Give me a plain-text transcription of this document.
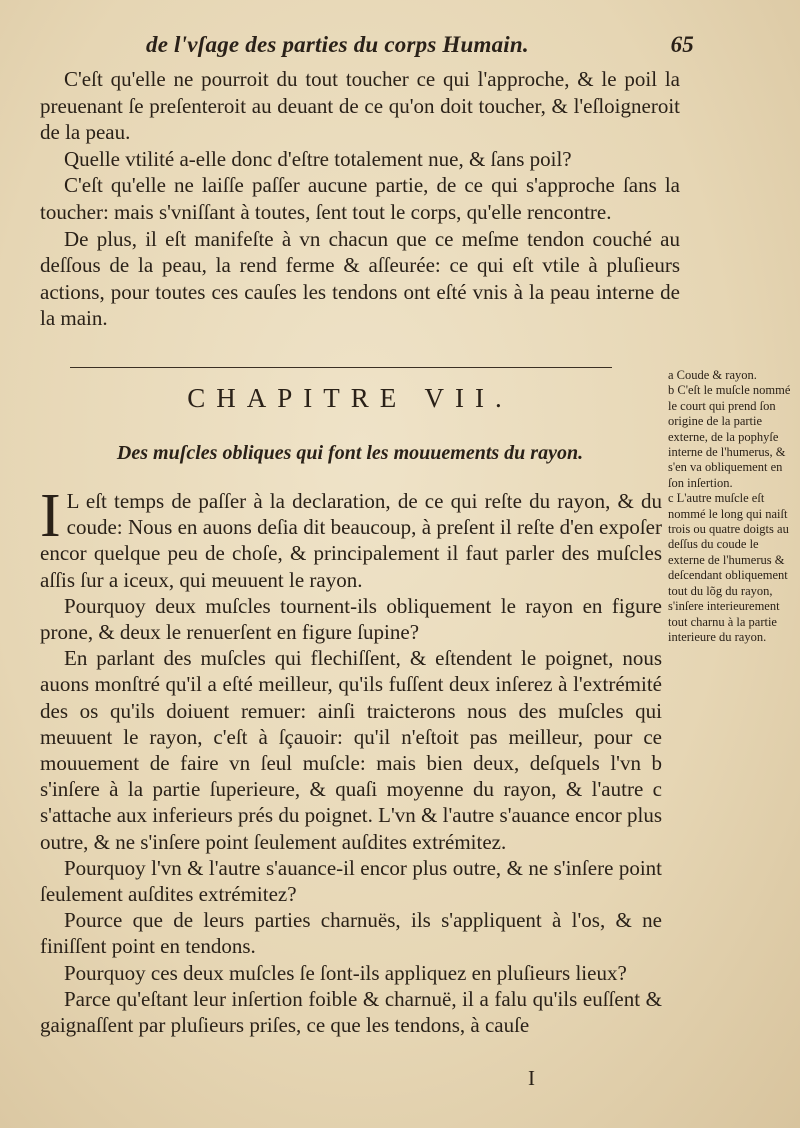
de l'vſage des parties du corps Humain.	65

C'eſt qu'elle ne pourroit du tout toucher ce qui l'approche, & le poil la preuenant ſe preſenteroit au deuant de ce qu'on doit toucher, & l'eſloigneroit de la peau.

Quelle vtilité a-elle donc d'eſtre totalement nue, & ſans poil?

C'eſt qu'elle ne laiſſe paſſer aucune partie, de ce qui s'approche ſans la toucher: mais s'vniſſant à toutes, ſent tout le corps, qu'elle rencontre.

De plus, il eſt manifeſte à vn chacun que ce meſme tendon couché au deſſous de la peau, la rend ferme & aſſeurée: ce qui eſt vtile à pluſieurs actions, pour toutes ces cauſes les tendons ont eſté vnis à la peau interne de la main.

CHAPITRE VII.
Des muſcles obliques qui font les mouuements du rayon.

I L eſt temps de paſſer à la declaration, de ce qui reſte du rayon, & du coude: Nous en auons deſia dit beaucoup, à preſent il reſte d'en expoſer encor quelque peu de choſe, & principalement il faut parler des muſcles aſſis ſur a iceux, qui meuuent le rayon.

Pourquoy deux muſcles tournent-ils obliquement le rayon en figure prone, & deux le renuerſent en figure ſupine?

En parlant des muſcles qui flechiſſent, & eſtendent le poignet, nous auons monſtré qu'il a eſté meilleur, qu'ils fuſſent deux inſerez à l'extrémité des os qu'ils doiuent remuer: ainſi traicterons nous des muſcles qui meuuent le rayon, c'eſt à ſçauoir: qu'il n'eſtoit pas meilleur, pour ce mouuement de faire vn ſeul muſcle: mais bien deux, deſquels l'vn b s'inſere à la partie ſuperieure, & quaſi moyenne du rayon, & l'autre c s'attache aux inferieurs prés du poignet. L'vn & l'autre s'auance encor plus outre, & ne s'inſere point ſeulement auſdites extrémitez.

Pourquoy l'vn & l'autre s'auance-il encor plus outre, & ne s'inſere point ſeulement auſdites extrémitez?

Pource que de leurs parties charnuës, ils s'appliquent à l'os, & ne finiſſent point en tendons.

Pourquoy ces deux muſcles ſe ſont-ils appliquez en pluſieurs lieux?

Parce qu'eſtant leur inſertion foible & charnuë, il a falu qu'ils euſſent & gaignaſſent par pluſieurs priſes, ce que les tendons, à cauſe

I

a Coude & rayon.

b C'eſt le muſcle nommé le court qui prend ſon origine de la partie externe, de la pophyſe interne de l'humerus, & s'en va obliquement en ſon inſertion.

c L'autre muſcle eſt nommé le long qui naiſt trois ou quatre doigts au deſſus du coude le externe de l'humerus & deſcendant obliquement tout du lõg du rayon, s'inſere interieurement tout charnu à la partie interieure du rayon.
